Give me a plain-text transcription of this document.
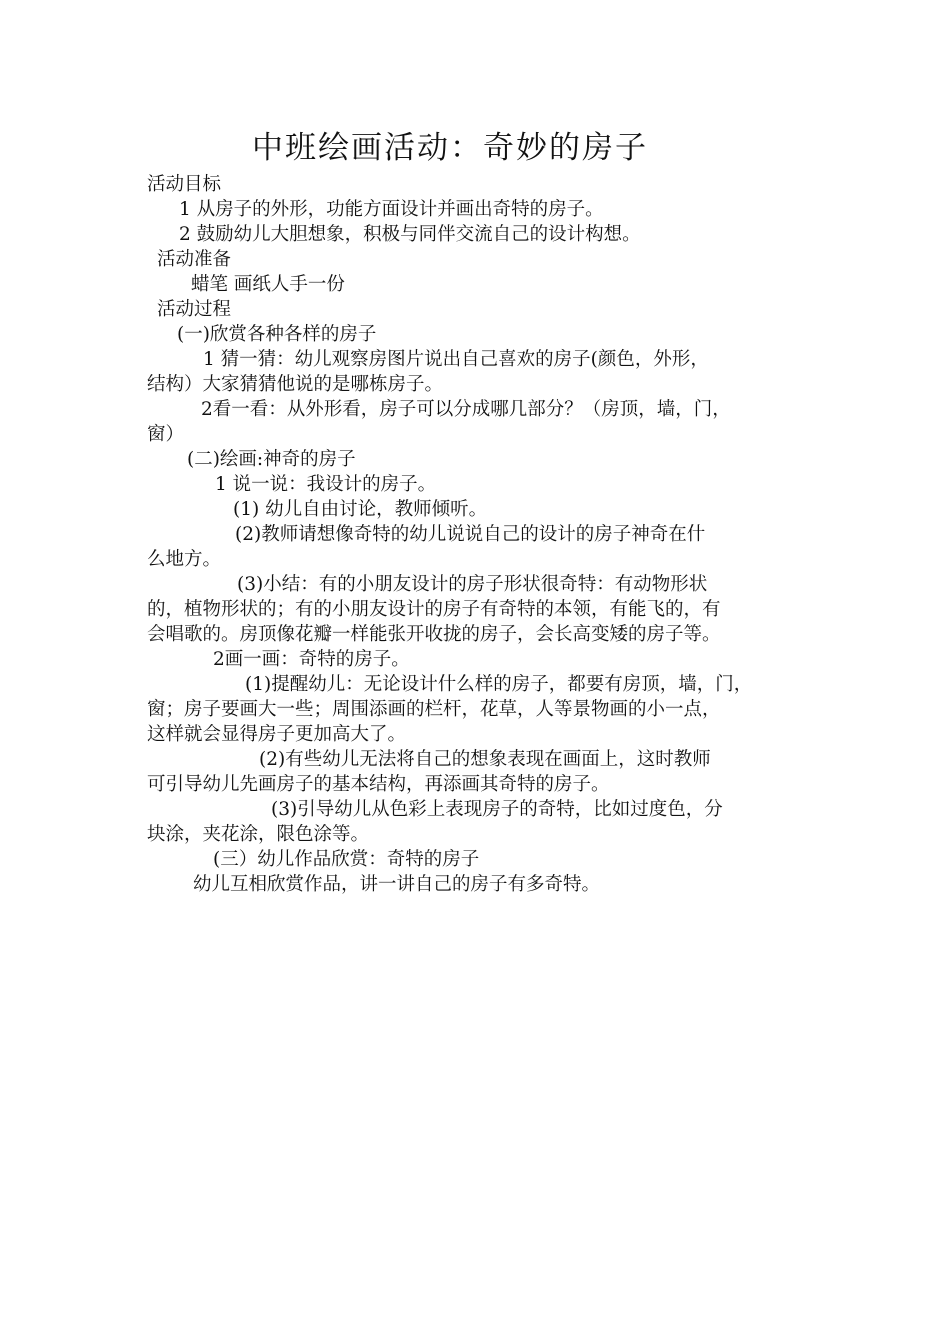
中班绘画活动：奇妙的房子
活动目标
1 从房子的外形，功能方面设计并画出奇特的房子。
2 鼓励幼儿大胆想象，积极与同伴交流自己的设计构想。
活动准备
蜡笔 画纸人手一份
活动过程
(一)欣赏各种各样的房子
1 猜一猜：幼儿观察房图片说出自己喜欢的房子(颜色，外形，
结构）大家猜猜他说的是哪栋房子。
2看一看：从外形看，房子可以分成哪几部分？（房顶，墙，门，
窗）
(二)绘画:神奇的房子
1 说一说：我设计的房子。
(1) 幼儿自由讨论，教师倾听。
(2)教师请想像奇特的幼儿说说自己的设计的房子神奇在什
么地方。
(3)小结：有的小朋友设计的房子形状很奇特：有动物形状
的，植物形状的；有的小朋友设计的房子有奇特的本领，有能飞的，有
会唱歌的。房顶像花瓣一样能张开收拢的房子，会长高变矮的房子等。
2画一画：奇特的房子。
(1)提醒幼儿：无论设计什么样的房子，都要有房顶，墙，门，
窗；房子要画大一些；周围添画的栏杆，花草，人等景物画的小一点，
这样就会显得房子更加高大了。
(2)有些幼儿无法将自己的想象表现在画面上，这时教师
可引导幼儿先画房子的基本结构，再添画其奇特的房子。
(3)引导幼儿从色彩上表现房子的奇特，比如过度色，分
块涂，夹花涂，限色涂等。
(三）幼儿作品欣赏：奇特的房子
幼儿互相欣赏作品，讲一讲自己的房子有多奇特。
